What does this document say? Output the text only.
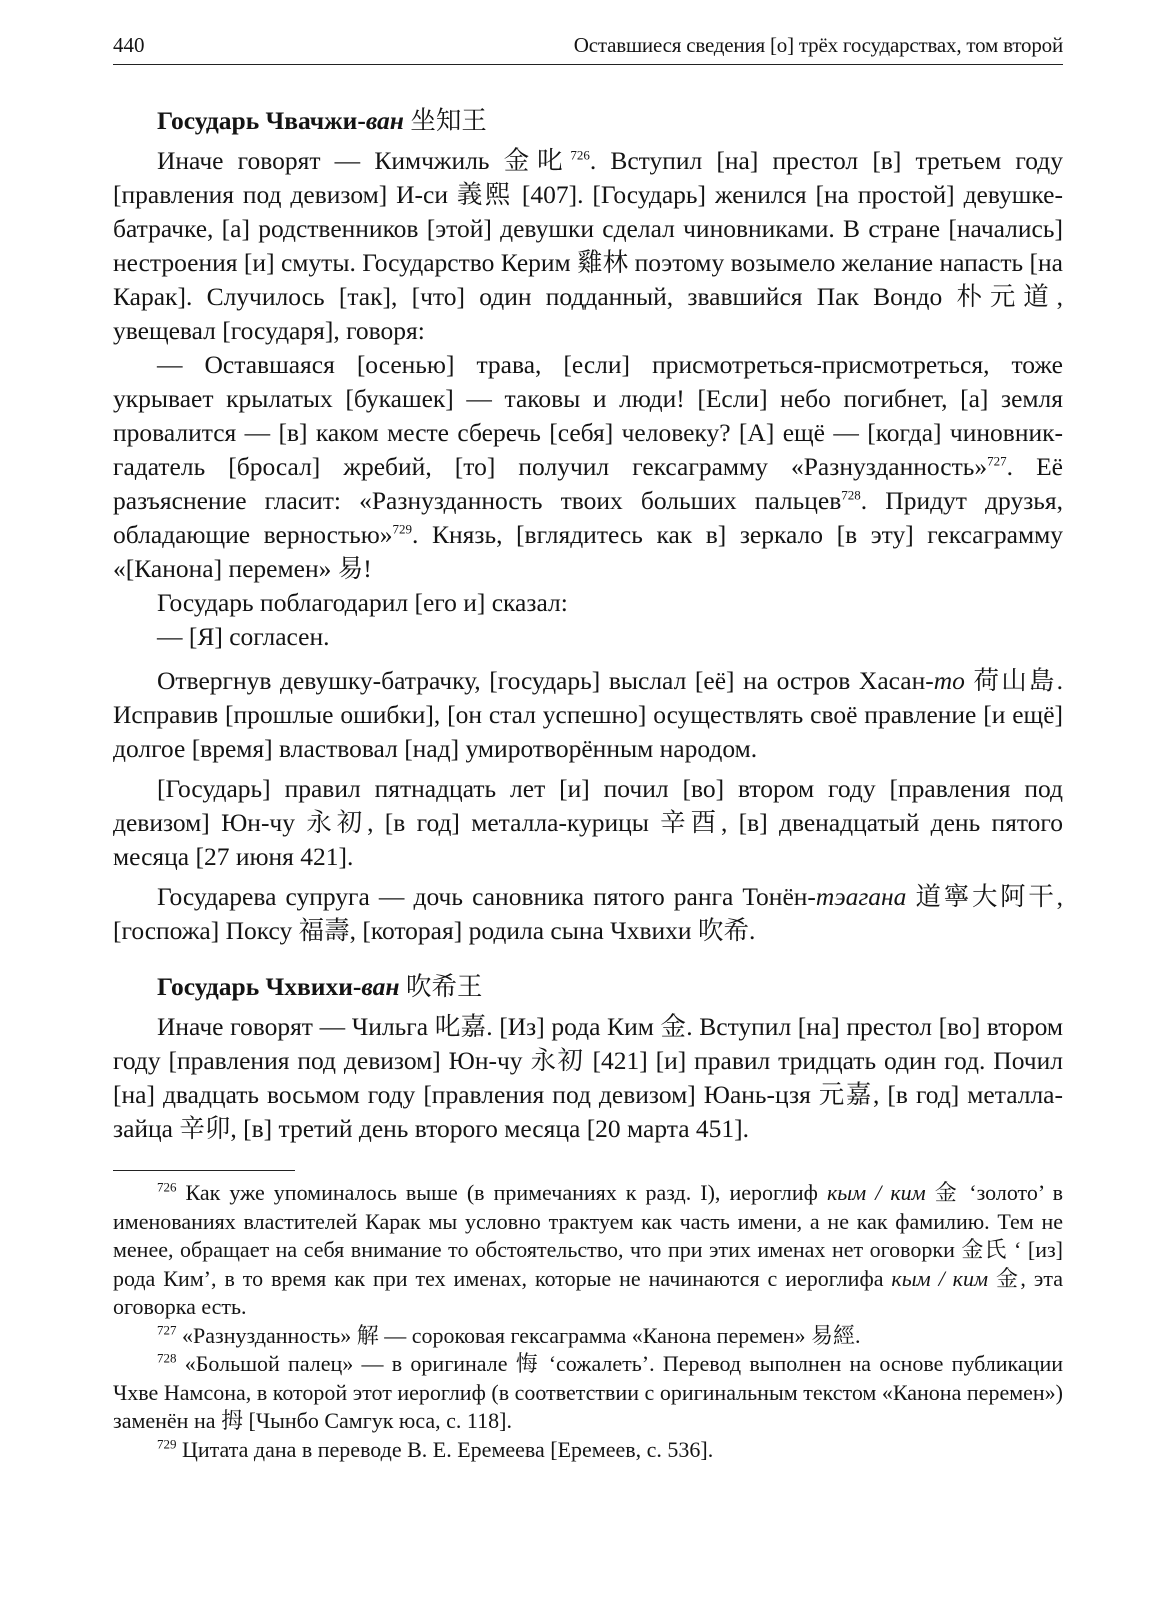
440	Оставшиеся сведения [о] трёх государствах, том второй
Государь Чвачжи-ван 坐知王

Иначе говорят — Кимчжиль 金叱$^{726}$. Вступил [на] престол [в] третьем году [правления под девизом] И-си 義熙 [407]. [Государь] женился [на простой] девушке-батрачке, [а] родственников [этой] девушки сделал чиновниками. В стране [начались] нестроения [и] смуты. Государство Керим 雞林 поэтому возымело желание напасть [на Карак]. Случилось [так], [что] один подданный, звавшийся Пак Вондо 朴元道, увещевал [государя], говоря:

— Оставшаяся [осенью] трава, [если] присмотреться-присмотреться, тоже укрывает крылатых [букашек] — таковы и люди! [Если] небо погибнет, [а] земля провалится — [в] каком месте сберечь [себя] человеку? [А] ещё — [когда] чиновник-гадатель [бросал] жребий, [то] получил гексаграмму «Разнузданность»$^{727}$. Её разъяснение гласит: «Разнузданность твоих больших пальцев$^{728}$. Придут друзья, обладающие верностью»$^{729}$. Князь, [вглядитесь как в] зеркало [в эту] гексаграмму «[Канона] перемен» 易!

Государь поблагодарил [его и] сказал:

— [Я] согласен.

Отвергнув девушку-батрачку, [государь] выслал [её] на остров Хасан-то 荷山島. Исправив [прошлые ошибки], [он стал успешно] осуществлять своё правление [и ещё] долгое [время] властвовал [над] умиротворённым народом.

[Государь] правил пятнадцать лет [и] почил [во] втором году [правления под девизом] Юн-чу 永初, [в год] металла-курицы 辛酉, [в] двенадцатый день пятого месяца [27 июня 421].

Государева супруга — дочь сановника пятого ранга Тонён-тэагана 道寧大阿干, [госпожа] Поксу 福壽, [которая] родила сына Чхвихи 吹希.

Государь Чхвихи-ван 吹希王

Иначе говорят — Чильга 叱嘉. [Из] рода Ким 金. Вступил [на] престол [во] втором году [правления под девизом] Юн-чу 永初 [421] [и] правил тридцать один год. Почил [на] двадцать восьмом году [правления под девизом] Юань-цзя 元嘉, [в год] металла-зайца 辛卯, [в] третий день второго месяца [20 марта 451].

$^{726}$ Как уже упоминалось выше (в примечаниях к разд. I), иероглиф кым / ким 金 ‘золото’ в именованиях властителей Карак мы условно трактуем как часть имени, а не как фамилию. Тем не менее, обращает на себя внимание то обстоятельство, что при этих именах нет оговорки 金氏 ‘ [из] рода Ким’, в то время как при тех именах, которые не начинаются с иероглифа кым / ким 金, эта оговорка есть.

$^{727}$ «Разнузданность» 解 — сороковая гексаграмма «Канона перемен» 易經.

$^{728}$ «Большой палец» — в оригинале 悔 ‘сожалеть’. Перевод выполнен на основе публикации Чхве Намсона, в которой этот иероглиф (в соответствии с оригинальным текстом «Канона перемен») заменён на 拇 [Чынбо Самгук юса, с. 118].

$^{729}$ Цитата дана в переводе В. Е. Еремеева [Еремеев, с. 536].
